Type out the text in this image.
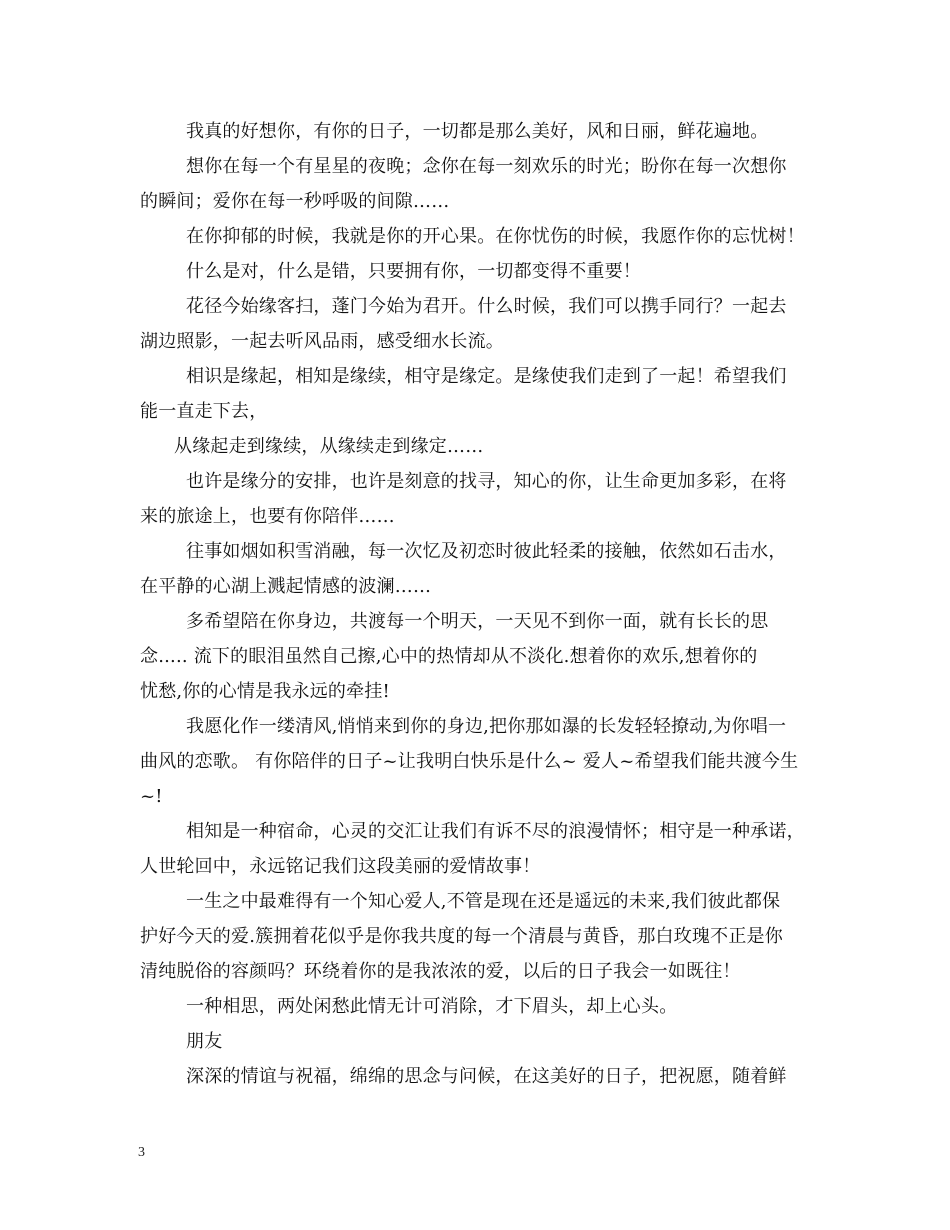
我真的好想你，有你的日子，一切都是那么美好，风和日丽，鲜花遍地。
想你在每一个有星星的夜晚；念你在每一刻欢乐的时光；盼你在每一次想你
的瞬间；爱你在每一秒呼吸的间隙……
在你抑郁的时候，我就是你的开心果。在你忧伤的时候，我愿作你的忘忧树！
什么是对，什么是错，只要拥有你，一切都变得不重要！
花径今始缘客扫，蓬门今始为君开。什么时候，我们可以携手同行？一起去
湖边照影，一起去听风品雨，感受细水长流。
相识是缘起，相知是缘续，相守是缘定。是缘使我们走到了一起！希望我们
能一直走下去，
从缘起走到缘续，从缘续走到缘定……
也许是缘分的安排，也许是刻意的找寻，知心的你，让生命更加多彩，在将
来的旅途上，也要有你陪伴……
往事如烟如积雪消融，每一次忆及初恋时彼此轻柔的接触，依然如石击水，
在平静的心湖上溅起情感的波澜……
多希望陪在你身边，共渡每一个明天，一天见不到你一面，就有长长的思
念..... 流下的眼泪虽然自己擦,心中的热情却从不淡化.想着你的欢乐,想着你的
忧愁,你的心情是我永远的牵挂!
我愿化作一缕清风,悄悄来到你的身边,把你那如瀑的长发轻轻撩动,为你唱一
曲风的恋歌。 有你陪伴的日子~让我明白快乐是什么~ 爱人~希望我们能共渡今生
~!
相知是一种宿命，心灵的交汇让我们有诉不尽的浪漫情怀；相守是一种承诺，
人世轮回中，永远铭记我们这段美丽的爱情故事！
一生之中最难得有一个知心爱人,不管是现在还是遥远的未来,我们彼此都保
护好今天的爱.簇拥着花似乎是你我共度的每一个清晨与黄昏，那白玫瑰不正是你
清纯脱俗的容颜吗？环绕着你的是我浓浓的爱，以后的日子我会一如既往！
一种相思，两处闲愁此情无计可消除，才下眉头，却上心头。
朋友
深深的情谊与祝福，绵绵的思念与问候，在这美好的日子，把祝愿，随着鲜
3
